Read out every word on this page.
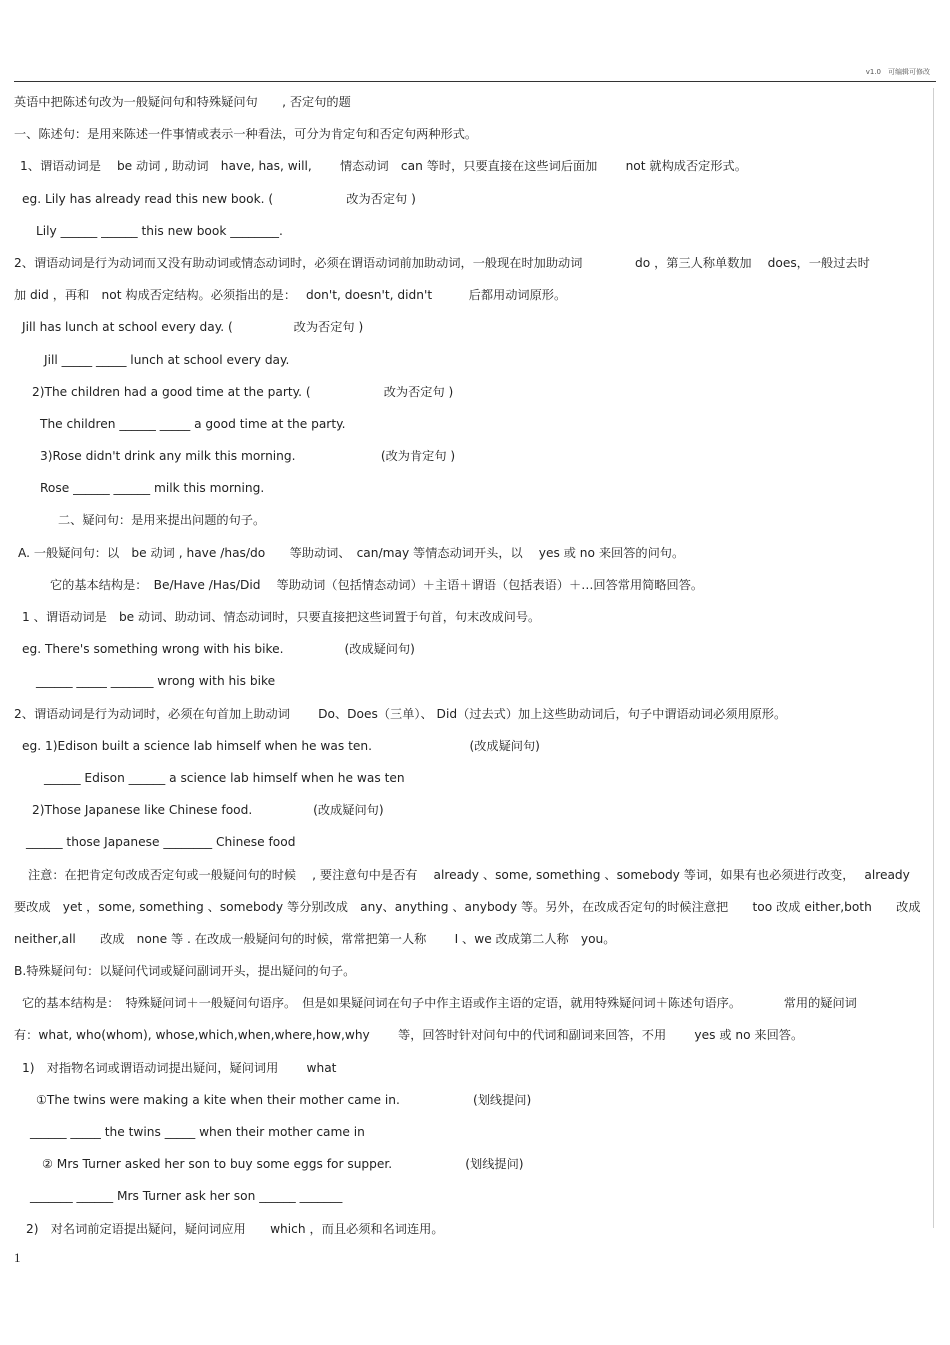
v1.0　可编辑可修改
英语中把陈述句改为一般疑问句和特殊疑问句　　, 否定句的题
一、陈述句：是用来陈述一件事情或表示一种看法，可分为肯定句和否定句两种形式。
1、谓语动词是　 be 动词 , 助动词　have, has, will,　　 情态动词　can 等时，只要直接在这些词后面加　　 not 就构成否定形式。
eg. Lily has already read this new book. (　　　　　　改为否定句 )
Lily ______ ______ this new book ________.
2、谓语动词是行为动词而又没有助动词或情态动词时，必须在谓语动词前加助动词，一般现在时加助动词　　　　 do ，第三人称单数加　 does，一般过去时
加 did ，再和　not 构成否定结构。必须指出的是：　 don't, doesn't, didn't　　　后都用动词原形。
Jill has lunch at school every day. (　　　　　改为否定句 )
Jill _____ _____ lunch at school every day.
2)The children had a good time at the party. (　　　　　　改为否定句 )
The children ______ _____ a good time at the party.
3)Rose didn't drink any milk this morning.　　　　　　　(改为肯定句 )
Rose ______ ______ milk this morning.
二、疑问句：是用来提出问题的句子。
A. 一般疑问句：以　be 动词 , have /has/do　　等助动词、　can/may 等情态动词开头，以　 yes 或 no 来回答的问句。
它的基本结构是：　Be/Have /Has/Did　 等助动词（包括情态动词）＋主语＋谓语（包括表语）＋…回答常用简略回答。
1 、谓语动词是　be 动词、助动词、情态动词时，只要直接把这些词置于句首，句末改成问号。
eg. There's something wrong with his bike.　　　　　(改成疑问句)
______ _____ _______ wrong with his bike
2、谓语动词是行为动词时，必须在句首加上助动词　　 Do、Does（三单）、 Did（过去式）加上这些助动词后，句子中谓语动词必须用原形。
eg. 1)Edison built a science lab himself when he was ten.　　　　　　　　(改成疑问句)
______ Edison ______ a science lab himself when he was ten
2)Those Japanese like Chinese food.　　　　　(改成疑问句)
______ those Japanese ________ Chinese food
注意：在把肯定句改成否定句或一般疑问句的时候　 , 要注意句中是否有　 already 、some, something 、somebody 等词，如果有也必须进行改变，　 already
要改成　yet ，some, something 、somebody 等分别改成　any、anything 、anybody 等。另外，在改成否定句的时候注意把　　too 改成 either,both　　改成
neither,all　　改成　none 等 . 在改成一般疑问句的时候，常常把第一人称　　 I 、we 改成第二人称　you。
B.特殊疑问句：以疑问代词或疑问副词开头，提出疑问的句子。
它的基本结构是：　特殊疑问词＋一般疑问句语序。　但是如果疑问词在句子中作主语或作主语的定语，就用特殊疑问词＋陈述句语序。　　　　常用的疑问词
有：what, who(whom), whose,which,when,where,how,why　　 等，回答时针对问句中的代词和副词来回答，不用　　 yes 或 no 来回答。
1)　对指物名词或谓语动词提出疑问，疑问词用　　 what
①The twins were making a kite when their mother came in.　　　　　　(划线提问)
______ _____ the twins _____ when their mother came in
② Mrs Turner asked her son to buy some eggs for supper.　　　　　　(划线提问)
_______ ______ Mrs Turner ask her son ______ _______
2)　对名词前定语提出疑问，疑问词应用　　which ，而且必须和名词连用。
1
